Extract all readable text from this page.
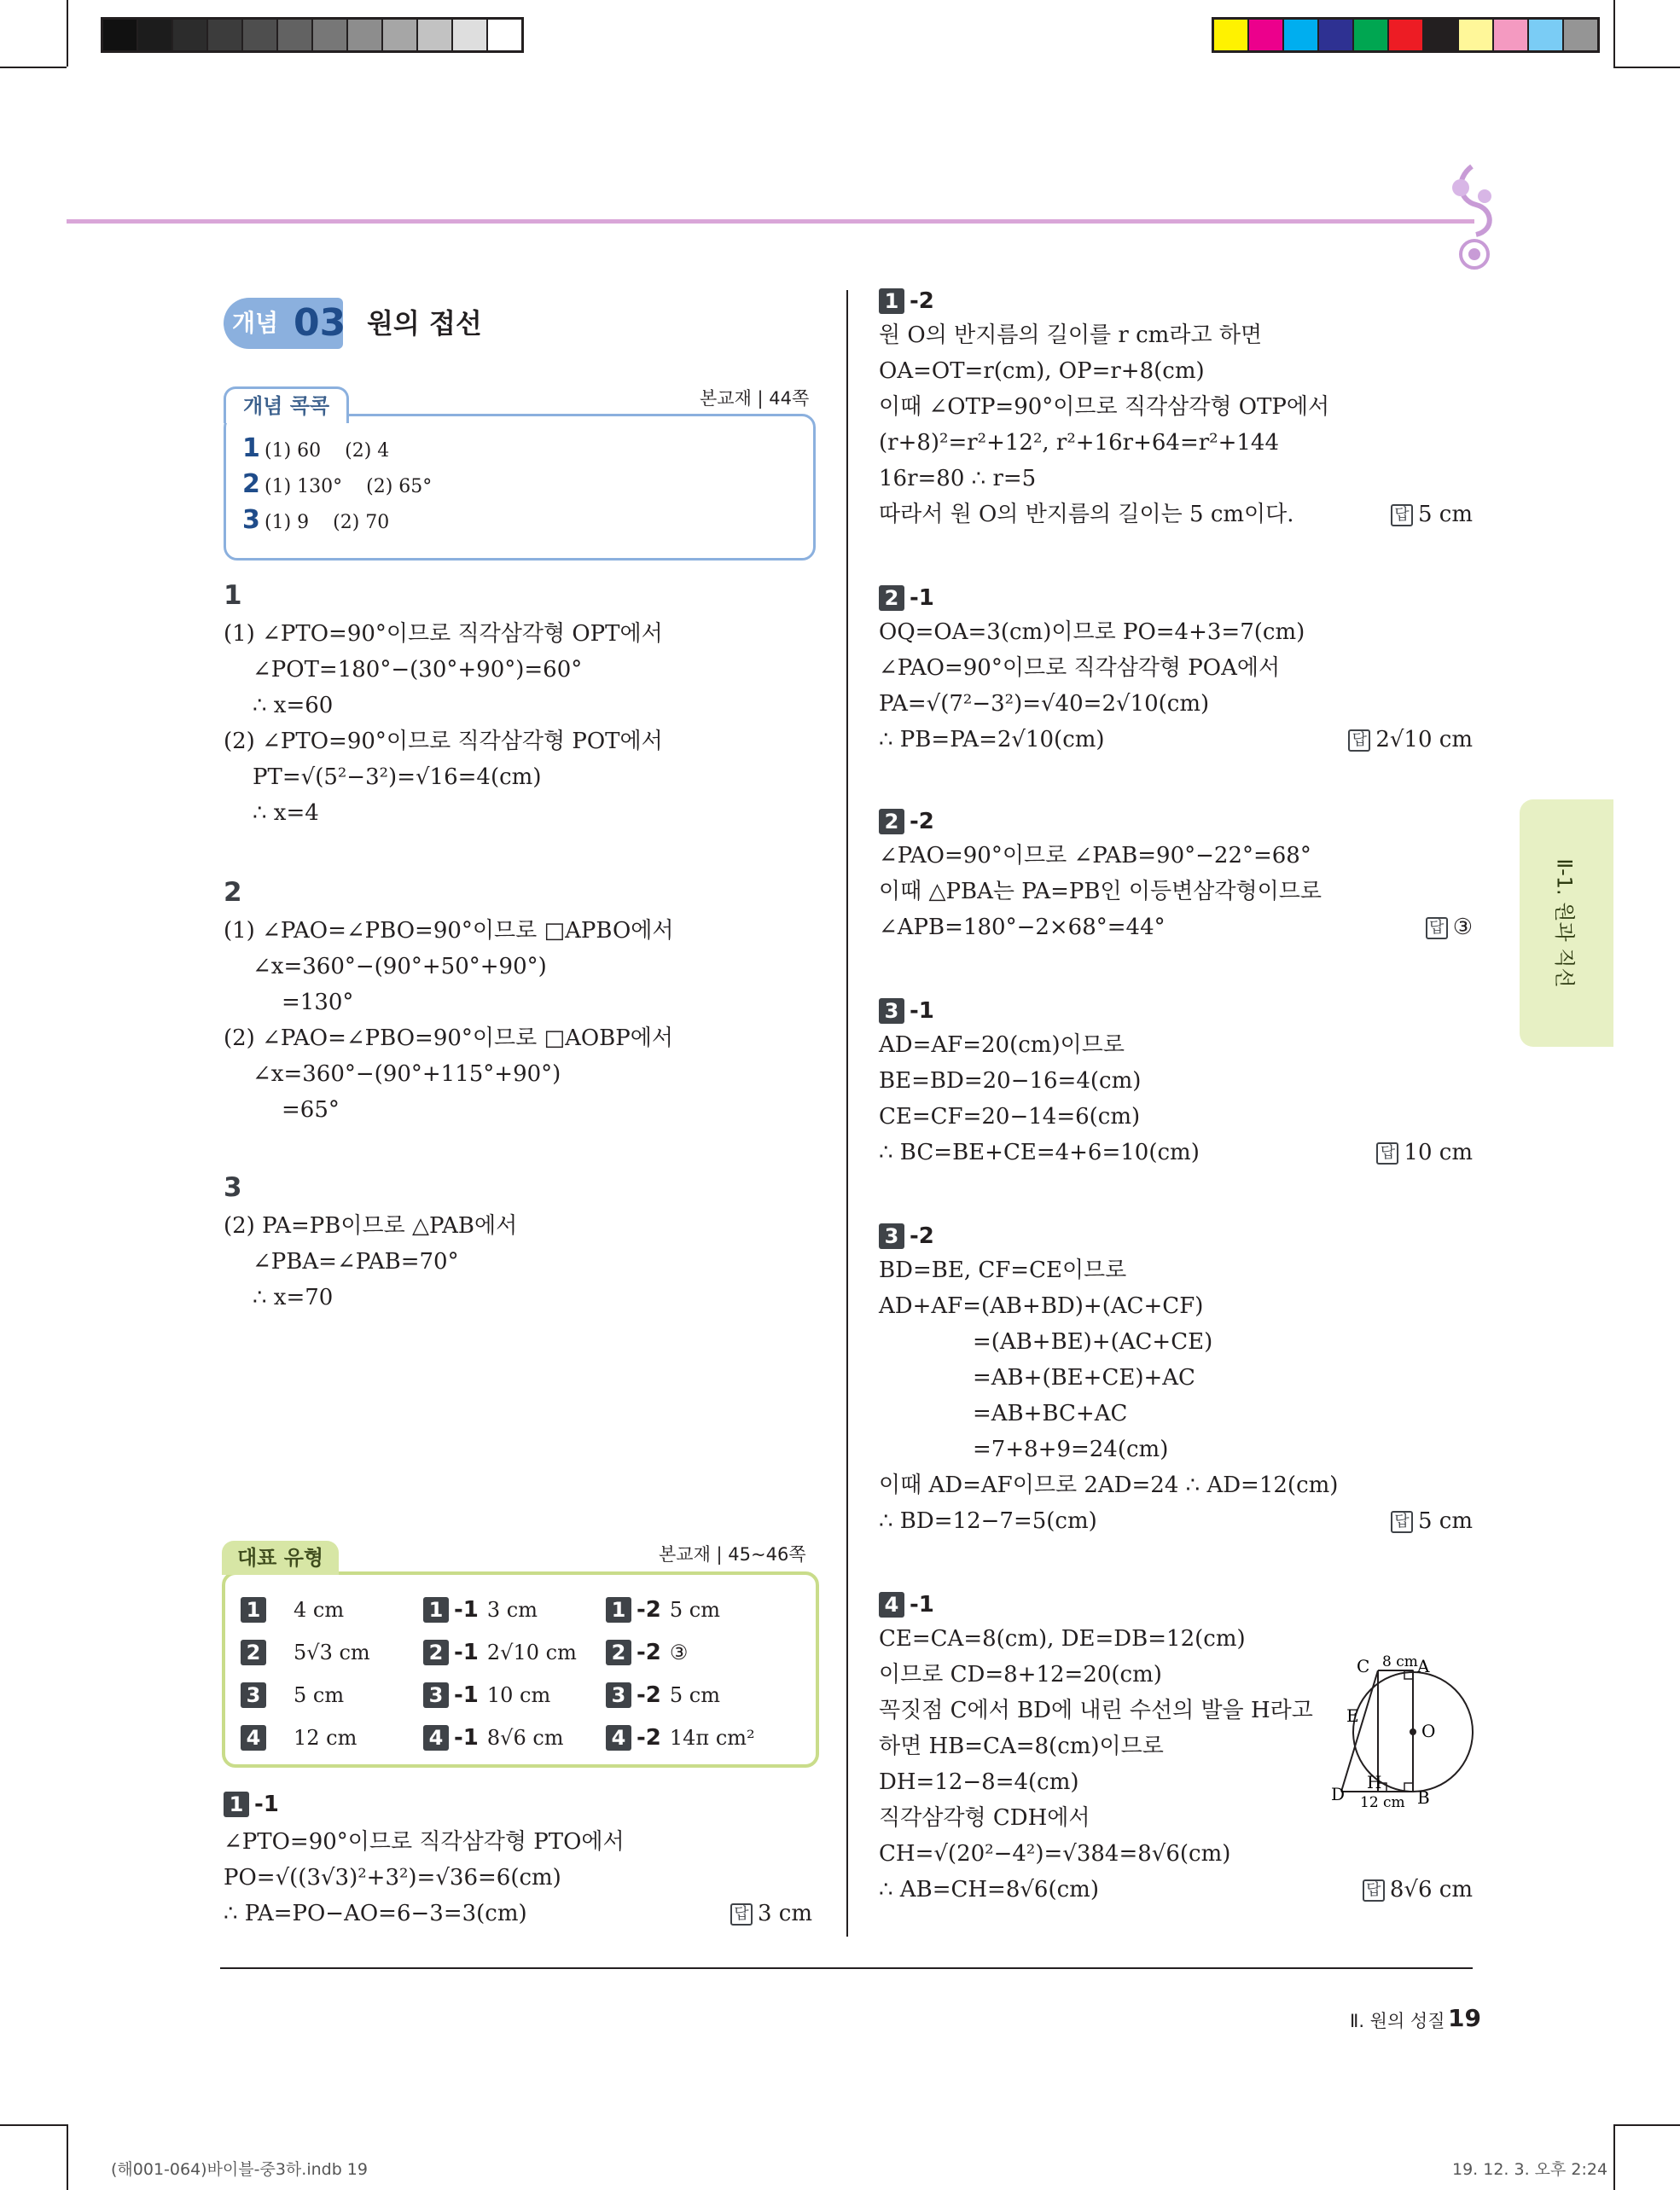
개념 03 원의 접선
개념 콕콕	본교재 | 44쪽
1 (1) 60    (2) 4
2 (1) 130°    (2) 65°
3 (1) 9    (2) 70
1
(1) ∠PTO=90°이므로 직각삼각형 OPT에서
∠POT=180°−(30°+90°)=60°
∴ x=60
(2) ∠PTO=90°이므로 직각삼각형 POT에서
PT=√(5²−3²)=√16=4(cm)
∴ x=4
2
(1) ∠PAO=∠PBO=90°이므로 □APBO에서
∠x=360°−(90°+50°+90°)
=130°
(2) ∠PAO=∠PBO=90°이므로 □AOBP에서
∠x=360°−(90°+115°+90°)
=65°
3
(2) PA=PB이므로 △PAB에서
∠PBA=∠PAB=70°
∴ x=70
대표 유형	본교재 | 45~46쪽
1 4 cm	1 -1 3 cm	1 -2 5 cm
2 5√3 cm	2 -1 2√10 cm 2 -2 ③
3 5 cm	3 -1 10 cm	3 -2 5 cm
4 12 cm	4 -1 8√6 cm 4 -2 14π cm²
1 -1
∠PTO=90°이므로 직각삼각형 PTO에서
PO=√((3√3)²+3²)=√36=6(cm)
∴ PA=PO−AO=6−3=3(cm)	답 3 cm
1 -2
원 O의 반지름의 길이를 r cm라고 하면
OA=OT=r(cm), OP=r+8(cm)
이때 ∠OTP=90°이므로 직각삼각형 OTP에서
(r+8)²=r²+12², r²+16r+64=r²+144
16r=80 ∴ r=5
따라서 원 O의 반지름의 길이는 5 cm이다.	답 5 cm
2 -1
OQ=OA=3(cm)이므로 PO=4+3=7(cm)
∠PAO=90°이므로 직각삼각형 POA에서
PA=√(7²−3²)=√40=2√10(cm)
∴ PB=PA=2√10(cm)	답 2√10 cm
2 -2
∠PAO=90°이므로 ∠PAB=90°−22°=68°
이때 △PBA는 PA=PB인 이등변삼각형이므로
∠APB=180°−2×68°=44°	답 ③
3 -1
AD=AF=20(cm)이므로
BE=BD=20−16=4(cm)
CE=CF=20−14=6(cm)
∴ BC=BE+CE=4+6=10(cm)	답 10 cm
3 -2
BD=BE, CF=CE이므로
AD+AF=(AB+BD)+(AC+CF)
=(AB+BE)+(AC+CE)
=AB+(BE+CE)+AC
=AB+BC+AC
=7+8+9=24(cm)
이때 AD=AF이므로 2AD=24 ∴ AD=12(cm)
∴ BD=12−7=5(cm)	답 5 cm
4 -1
CE=CA=8(cm), DE=DB=12(cm)
이므로 CD=8+12=20(cm)
꼭짓점 C에서 BD에 내린 수선의 발을 H라고
하면 HB=CA=8(cm)이므로
DH=12−8=4(cm)
직각삼각형 CDH에서
CH=√(20²−4²)=√384=8√6(cm)
∴ AB=CH=8√6(cm)	답 8√6 cm
C	A
E
O
H
D	B
8 cm
12 cm
Ⅱ-1. 원과 직선
Ⅱ. 원의 성질 19
(해001-064)바이블-중3하.indb 19	19. 12. 3. 오후 2:24
